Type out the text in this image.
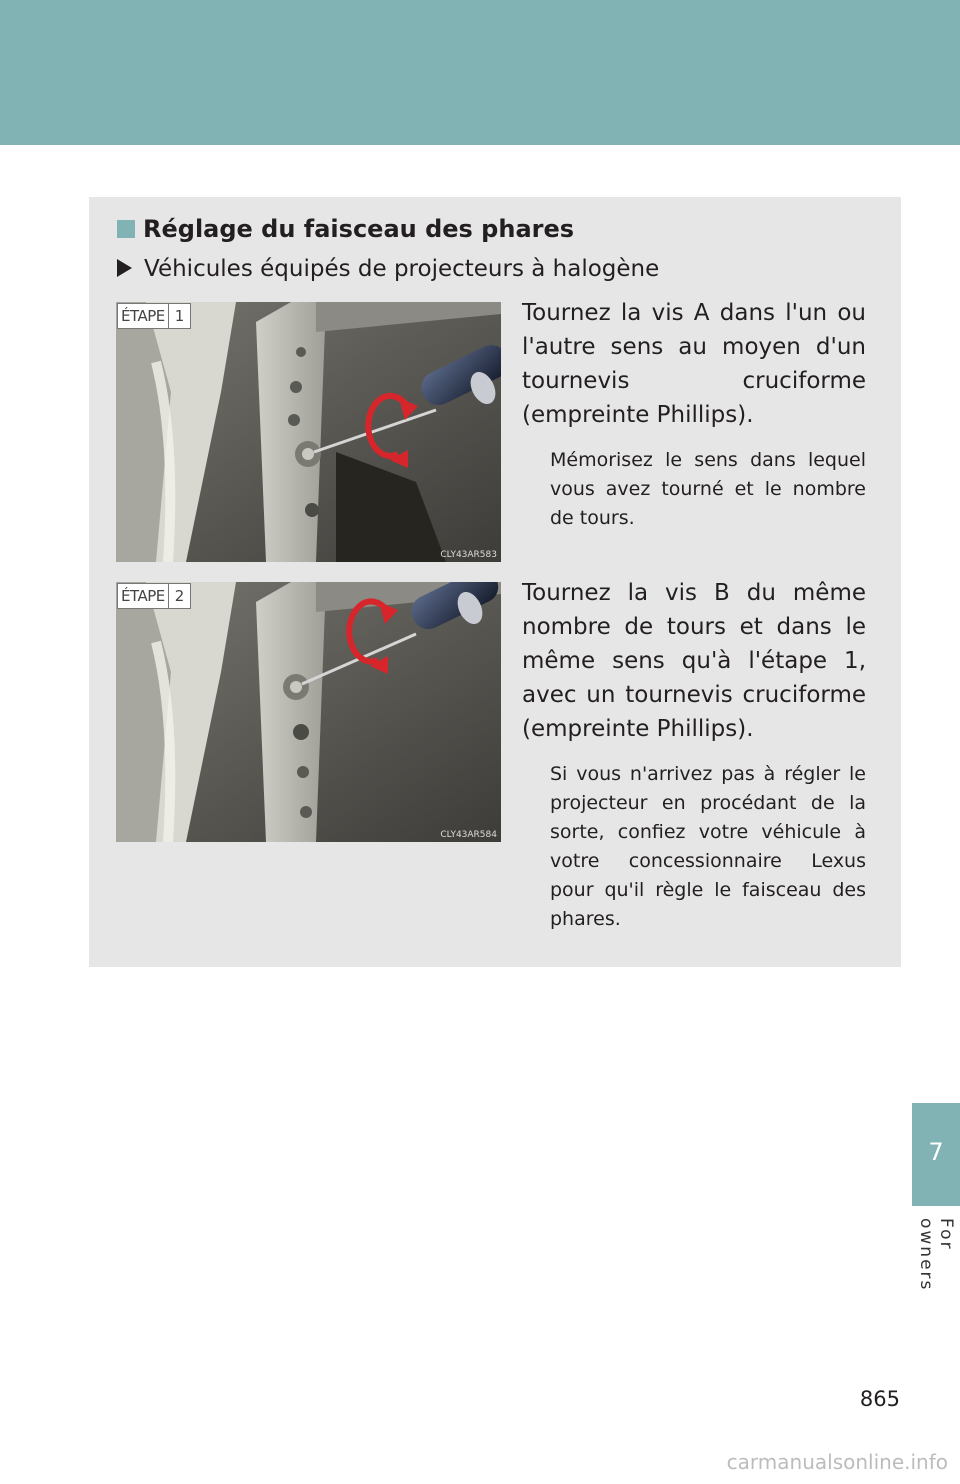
7
For owners
Réglage du faisceau des phares
Véhicules équipés de projecteurs à halogène
ÉTAPE 1
CLY43AR583
Tournez la vis A dans l'un ou l'autre sens au moyen d'un tournevis cruciforme (empreinte Phillips).
Mémorisez le sens dans lequel vous avez tourné et le nombre de tours.
ÉTAPE 2
CLY43AR584
Tournez la vis B du même nombre de tours et dans le même sens qu'à l'étape 1, avec un tournevis cruciforme (empreinte Phillips).
Si vous n'arrivez pas à régler le projecteur en procédant de la sorte, confiez votre véhicule à votre concessionnaire Lexus pour qu'il règle le faisceau des phares.
865
carmanualsonline.info
